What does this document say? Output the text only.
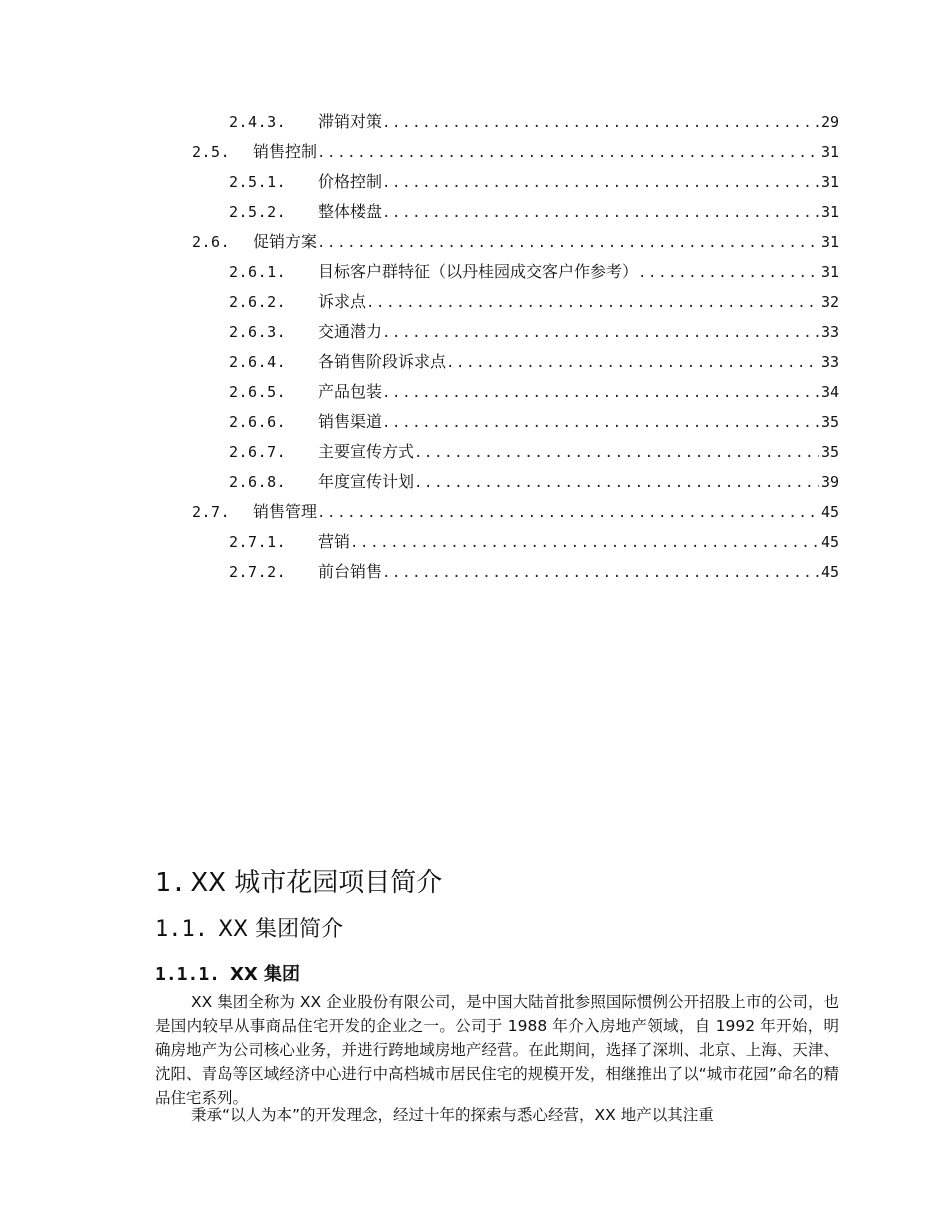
2.4.3.	滞销对策 .....	29
2.5.	销售控制 .....	31
2.5.1.	价格控制 .....	31
2.5.2.	整体楼盘 .....	31
2.6.	促销方案 .....	31
2.6.1.	目标客户群特征（以丹桂园成交客户作参考） .....	31
2.6.2.	诉求点 .....	32
2.6.3.	交通潜力 .....	33
2.6.4.	各销售阶段诉求点 .....	33
2.6.5.	产品包装 .....	34
2.6.6.	销售渠道 .....	35
2.6.7.	主要宣传方式 .....	35
2.6.8.	年度宣传计划 .....	39
2.7.	销售管理 .....	45
2.7.1.	营销 .....	45
2.7.2.	前台销售 .....	45
1. XX 城市花园项目简介
1.1. XX 集团简介
1.1.1. XX 集团

XX 集团全称为 XX 企业股份有限公司，是中国大陆首批参照国际惯例公开招股上市的公司，也是国内较早从事商品住宅开发的企业之一。公司于 1988 年介入房地产领域，自 1992 年开始，明确房地产为公司核心业务，并进行跨地域房地产经营。在此期间，选择了深圳、北京、上海、天津、沈阳、青岛等区域经济中心进行中高档城市居民住宅的规模开发，相继推出了以“城市花园”命名的精品住宅系列。

秉承“以人为本”的开发理念，经过十年的探索与悉心经营，XX 地产以其注重
